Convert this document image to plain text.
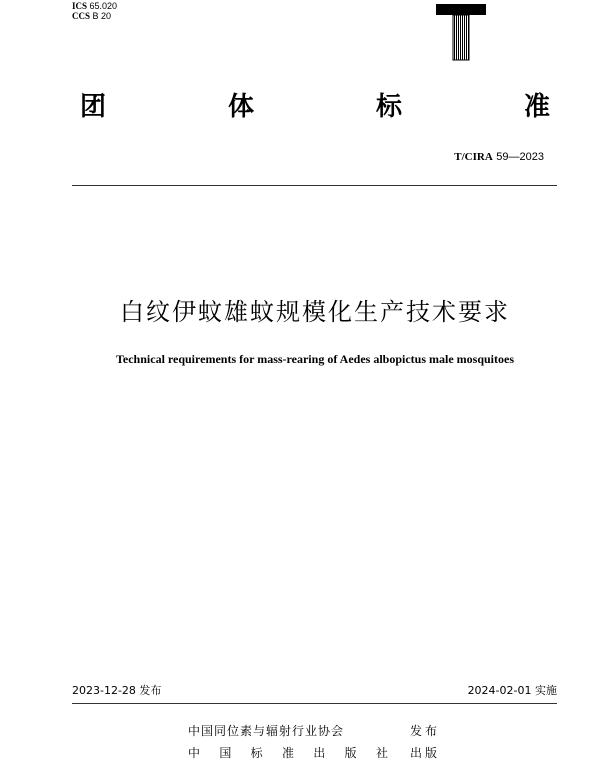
ICS 65.020
CCS B 20
团	体	标	准
T/CIRA 59—2023
白纹伊蚊雄蚊规模化生产技术要求
Technical requirements for mass-rearing of Aedes albopictus male mosquitoes
2023-12-28 发布	2024-02-01 实施
中国同位素与辐射行业协会	发布
中 国 标 准 出 版 社 出版
